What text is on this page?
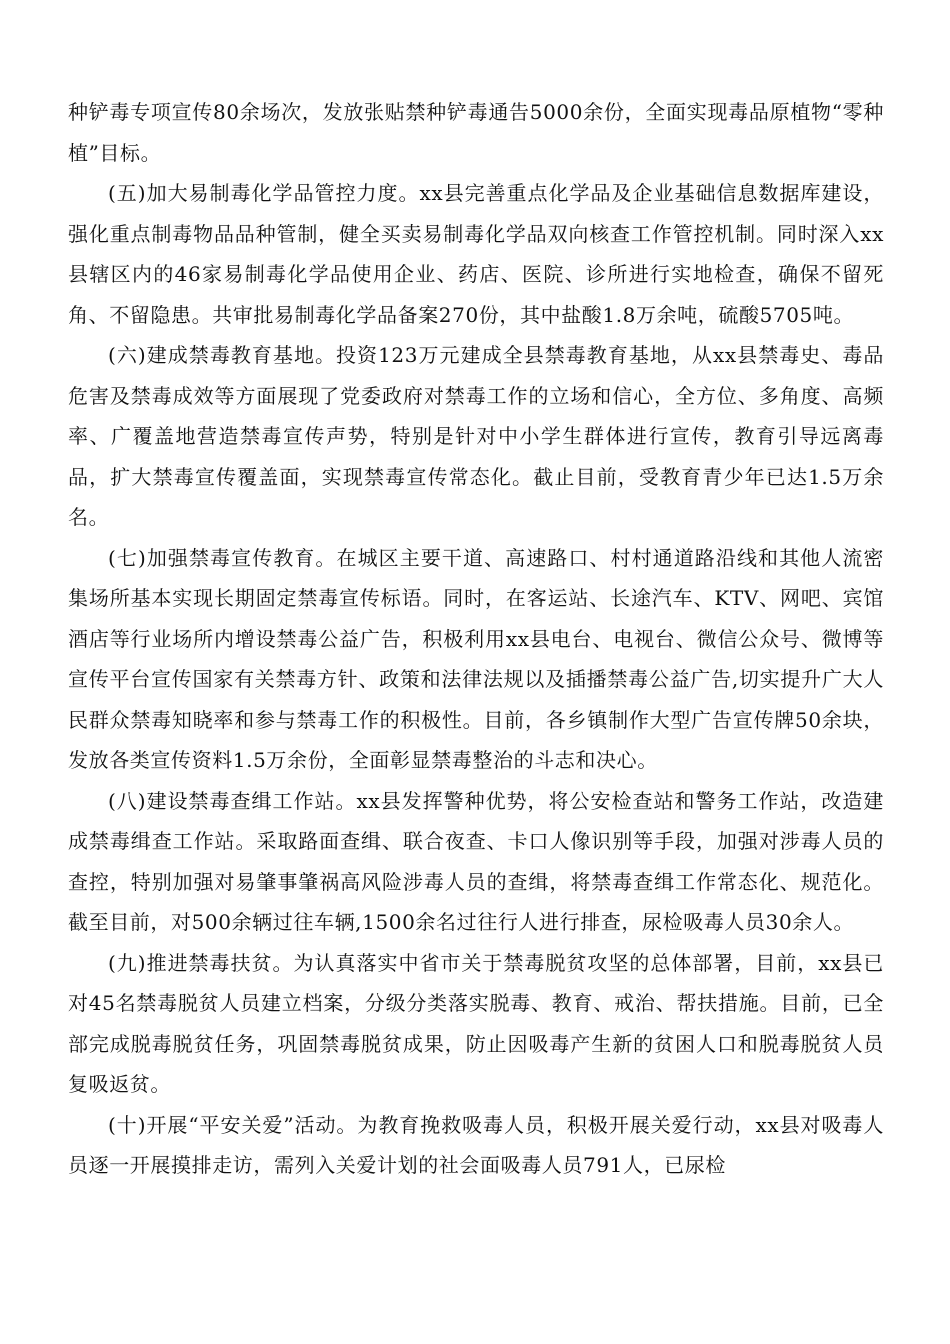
种铲毒专项宣传80余场次，发放张贴禁种铲毒通告5000余份，全面实现毒品原植物“零种植”目标。

(五)加大易制毒化学品管控力度。xx县完善重点化学品及企业基础信息数据库建设，强化重点制毒物品品种管制，健全买卖易制毒化学品双向核查工作管控机制。同时深入xx县辖区内的46家易制毒化学品使用企业、药店、医院、诊所进行实地检查，确保不留死角、不留隐患。共审批易制毒化学品备案270份，其中盐酸1.8万余吨，硫酸5705吨。

(六)建成禁毒教育基地。投资123万元建成全县禁毒教育基地，从xx县禁毒史、毒品危害及禁毒成效等方面展现了党委政府对禁毒工作的立场和信心，全方位、多角度、高频率、广覆盖地营造禁毒宣传声势，特别是针对中小学生群体进行宣传，教育引导远离毒品，扩大禁毒宣传覆盖面，实现禁毒宣传常态化。截止目前，受教育青少年已达1.5万余名。

(七)加强禁毒宣传教育。在城区主要干道、高速路口、村村通道路沿线和其他人流密集场所基本实现长期固定禁毒宣传标语。同时，在客运站、长途汽车、KTV、网吧、宾馆酒店等行业场所内增设禁毒公益广告，积极利用xx县电台、电视台、微信公众号、微博等宣传平台宣传国家有关禁毒方针、政策和法律法规以及插播禁毒公益广告,切实提升广大人民群众禁毒知晓率和参与禁毒工作的积极性。目前，各乡镇制作大型广告宣传牌50余块，发放各类宣传资料1.5万余份，全面彰显禁毒整治的斗志和决心。

(八)建设禁毒查缉工作站。xx县发挥警种优势，将公安检查站和警务工作站，改造建成禁毒缉查工作站。采取路面查缉、联合夜查、卡口人像识别等手段，加强对涉毒人员的查控，特别加强对易肇事肇祸高风险涉毒人员的查缉，将禁毒查缉工作常态化、规范化。截至目前，对500余辆过往车辆,1500余名过往行人进行排查，尿检吸毒人员30余人。

(九)推进禁毒扶贫。为认真落实中省市关于禁毒脱贫攻坚的总体部署，目前，xx县已对45名禁毒脱贫人员建立档案，分级分类落实脱毒、教育、戒治、帮扶措施。目前，已全部完成脱毒脱贫任务，巩固禁毒脱贫成果，防止因吸毒产生新的贫困人口和脱毒脱贫人员复吸返贫。

(十)开展“平安关爱”活动。为教育挽救吸毒人员，积极开展关爱行动，xx县对吸毒人员逐一开展摸排走访，需列入关爱计划的社会面吸毒人员791人，已尿检
